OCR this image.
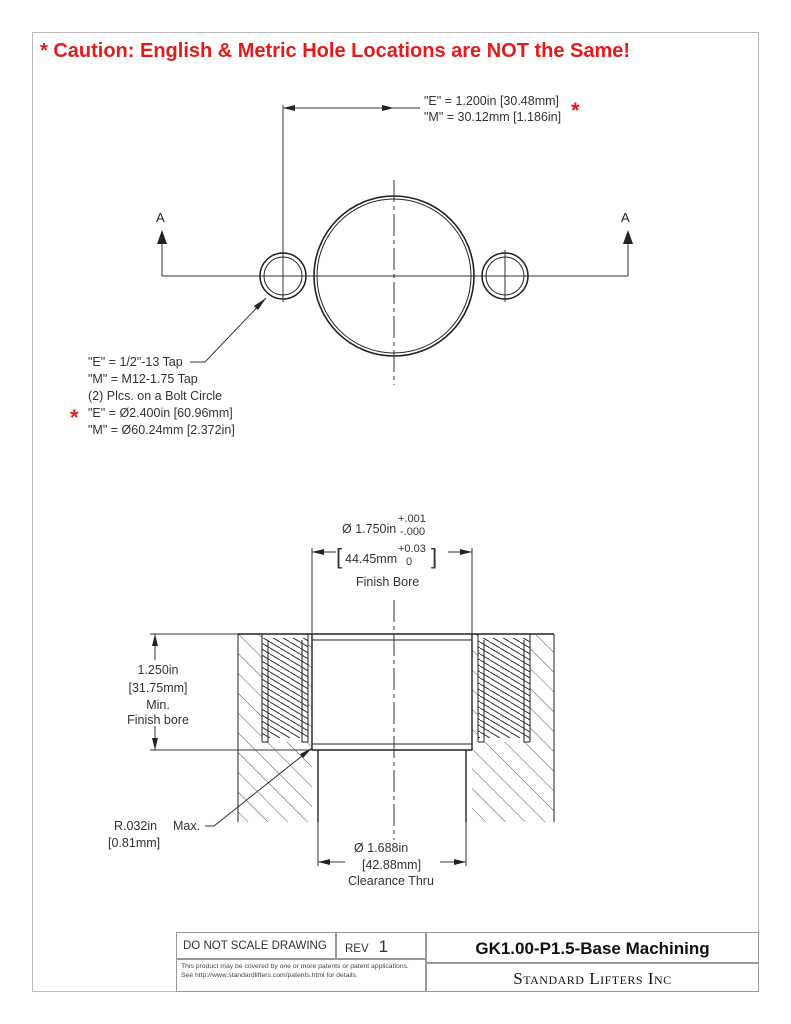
* Caution: English & Metric Hole Locations are NOT the Same!
"E" = 1.200in [30.48mm]
"M" = 30.12mm [1.186in] *
A	A
"E" = 1/2"-13 Tap
"M" = M12-1.75 Tap
(2) Plcs. on a Bolt Circle
"E" = Ø2.400in [60.96mm]
"M" = Ø60.24mm [2.372in]
*
Ø 1.750in
+.001
-.000
[ 44.45mm
+0.03
0 ]
Finish Bore
1.250in
[31.75mm]
Min.
Finish bore
R.032in Max.
[0.81mm]	Ø 1.688in
[42.88mm]
Clearance Thru
DO NOT SCALE DRAWING	REV 1
This product may be covered by one or more patents or patent applications. See http://www.standardlifters.com/patents.html for details.
GK1.00-P1.5-Base Machining
Standard Lifters Inc
